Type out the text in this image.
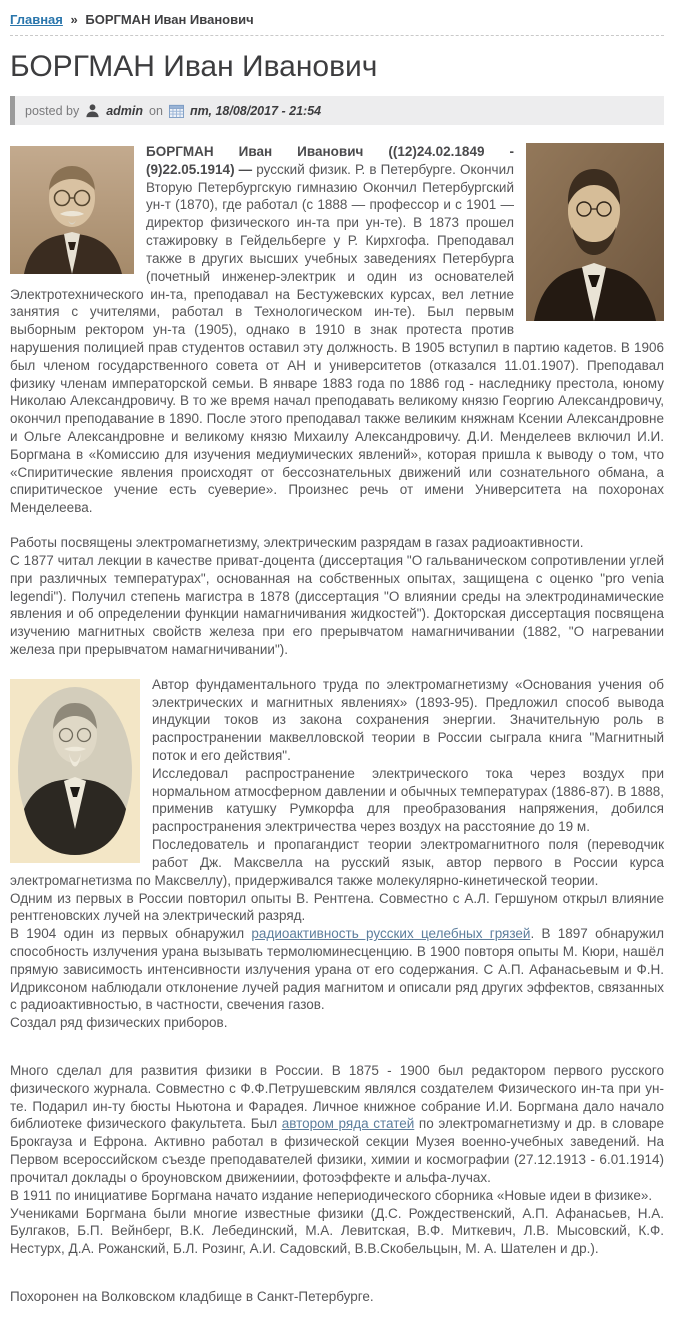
Главная » БОРГМАН Иван Иванович
БОРГМАН Иван Иванович
posted by admin on пт, 18/08/2017 - 21:54

БОРГМАН Иван Иванович ((12)24.02.1849 - (9)22.05.1914) — русский физик. Р. в Петербурге. Окончил Вторую Петербургскую гимназию Окончил Петербургский ун-т (1870), где работал (с 1888 — профессор и с 1901 — директор физического ин-та при ун-те). В 1873 прошел стажировку в Гейдельберге у Р. Кирхгофа. Преподавал также в других высших учебных заведениях Петербурга (почетный инженер-электрик и один из основателей Электротехнического ин-та, преподавал на Бестужевских курсах, вел летние занятия с учителями, работал в Технологическом ин-те). Был первым выборным ректором ун-та (1905), однако в 1910 в знак протеста против нарушения полицией прав студентов оставил эту должность. В 1905 вступил в партию кадетов. В 1906 был членом государственного совета от АН и университетов (отказался 11.01.1907). Преподавал физику членам императорской семьи. В январе 1883 года по 1886 год - наследнику престола, юному Николаю Александровичу. В то же время начал преподавать великому князю Георгию Александровичу, окончил преподавание в 1890. После этого преподавал также великим княжнам Ксении Александровне и Ольге Александровне и великому князю Михаилу Александровичу. Д.И. Менделеев включил И.И. Боргмана в «Комиссию для изучения медиумических явлений», которая пришла к выводу о том, что «Спиритические явления происходят от бессознательных движений или сознательного обмана, а спиритическое учение есть суеверие». Произнес речь от имени Университета на похоронах Менделеева.

Работы посвящены электромагнетизму, электрическим разрядам в газах радиоактивности.
С 1877 читал лекции в качестве приват-доцента (диссертация "О гальваническом сопротивлении углей при различных температурах", основанная на собственных опытах, защищена с оценко "pro venia legendi"). Получил степень магистра в 1878 (диссертация "О влиянии среды на электродинамические явления и об определении функции намагничивания жидкостей"). Докторская диссертация посвящена изучению магнитных свойств железа при его прерывчатом намагничивании (1882, "О нагревании железа при прерывчатом намагничивании").

Автор фундаментального труда по электромагнетизму «Основания учения об электрических и магнитных явлениях» (1893-95). Предложил способ вывода индукции токов из закона сохранения энергии. Значительную роль в распространении маквелловской теории в России сыграла книга "Магнитный поток и его действия".
Исследовал распространение электрического тока через воздух при нормальном атмосферном давлении и обычных температурах (1886-87). В 1888, применив катушку Румкорфа для преобразования напряжения, добился распространения электричества через воздух на расстояние до 19 м.
Последователь и пропагандист теории электромагнитного поля (переводчик работ Дж. Максвелла на русский язык, автор первого в России курса электромагнетизма по Максвеллу), придерживался также молекулярно-кинетической теории.
Одним из первых в России повторил опыты В. Рентгена. Совместно с А.Л. Гершуном открыл влияние рентгеновских лучей на электрический разряд.
В 1904 один из первых обнаружил радиоактивность русских целебных грязей. В 1897 обнаружил способность излучения урана вызывать термолюминесценцию. В 1900 повторя опыты М. Кюри, нашёл прямую зависимость интенсивности излучения урана от его содержания. С А.П. Афанасьевым и Ф.Н. Идриксоном наблюдали отклонение лучей радия магнитом и описали ряд других эффектов, связанных с радиоактивностью, в частности, свечения газов.
Создал ряд физических приборов.

Много сделал для развития физики в России. В 1875 - 1900 был редактором первого русского физического журнала. Совместно с Ф.Ф.Петрушевским являлся создателем Физического ин-та при ун-те. Подарил ин-ту бюсты Ньютона и Фарадея. Личное книжное собрание И.И. Боргмана дало начало библиотеке физического факультета. Был автором ряда статей по электромагнетизму и др. в словаре Брокгауза и Ефрона. Активно работал в физической секции Музея военно-учебных заведений. На Первом всероссийском съезде преподавателей физики, химии и космографии (27.12.1913 - 6.01.1914) прочитал доклады о броуновском движениии, фотоэффекте и альфа-лучах.
В 1911 по инициативе Боргмана начато издание непериодического сборника «Новые идеи в физике».
Учениками Боргмана были многие известные физики (Д.С. Рождественский, А.П. Афанасьев, Н.А. Булгаков, Б.П. Вейнберг, В.К. Лебединский, М.А. Левитская, В.Ф. Миткевич, Л.В. Мысовский, К.Ф. Нестурх, Д.А. Рожанский, Б.Л. Розинг, А.И. Садовский, В.В.Скобельцын, М. А. Шателен и др.).

Похоронен на Волковском кладбище в Санкт-Петербурге.
